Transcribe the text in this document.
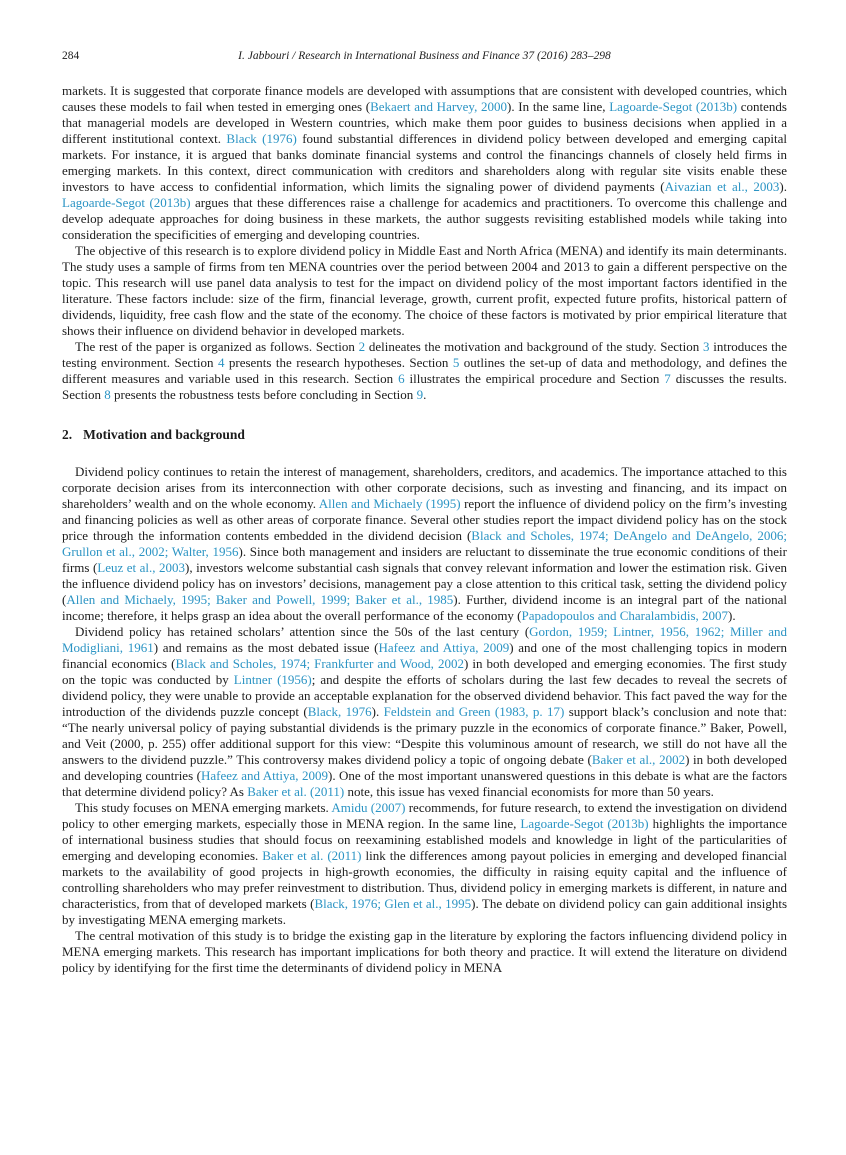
284	I. Jabbouri / Research in International Business and Finance 37 (2016) 283–298

markets. It is suggested that corporate finance models are developed with assumptions that are consistent with developed countries, which causes these models to fail when tested in emerging ones (Bekaert and Harvey, 2000). In the same line, Lagoarde-Segot (2013b) contends that managerial models are developed in Western countries, which make them poor guides to business decisions when applied in a different institutional context. Black (1976) found substantial differences in dividend policy between developed and emerging capital markets. For instance, it is argued that banks dominate financial systems and control the financings channels of closely held firms in emerging markets. In this context, direct communication with creditors and shareholders along with regular site visits enable these investors to have access to confidential information, which limits the signaling power of dividend payments (Aivazian et al., 2003). Lagoarde-Segot (2013b) argues that these differences raise a challenge for academics and practitioners. To overcome this challenge and develop adequate approaches for doing business in these markets, the author suggests revisiting established models while taking into consideration the specificities of emerging and developing countries.

The objective of this research is to explore dividend policy in Middle East and North Africa (MENA) and identify its main determinants. The study uses a sample of firms from ten MENA countries over the period between 2004 and 2013 to gain a different perspective on the topic. This research will use panel data analysis to test for the impact on dividend policy of the most important factors identified in the literature. These factors include: size of the firm, financial leverage, growth, current profit, expected future profits, historical pattern of dividends, liquidity, free cash flow and the state of the economy. The choice of these factors is motivated by prior empirical literature that shows their influence on dividend behavior in developed markets.

The rest of the paper is organized as follows. Section 2 delineates the motivation and background of the study. Section 3 introduces the testing environment. Section 4 presents the research hypotheses. Section 5 outlines the set-up of data and methodology, and defines the different measures and variable used in this research. Section 6 illustrates the empirical procedure and Section 7 discusses the results. Section 8 presents the robustness tests before concluding in Section 9.

2. Motivation and background

Dividend policy continues to retain the interest of management, shareholders, creditors, and academics. The importance attached to this corporate decision arises from its interconnection with other corporate decisions, such as investing and financing, and its impact on shareholders’ wealth and on the whole economy. Allen and Michaely (1995) report the influence of dividend policy on the firm’s investing and financing policies as well as other areas of corporate finance. Several other studies report the impact dividend policy has on the stock price through the information contents embedded in the dividend decision (Black and Scholes, 1974; DeAngelo and DeAngelo, 2006; Grullon et al., 2002; Walter, 1956). Since both management and insiders are reluctant to disseminate the true economic conditions of their firms (Leuz et al., 2003), investors welcome substantial cash signals that convey relevant information and lower the estimation risk. Given the influence dividend policy has on investors’ decisions, management pay a close attention to this critical task, setting the dividend policy (Allen and Michaely, 1995; Baker and Powell, 1999; Baker et al., 1985). Further, dividend income is an integral part of the national income; therefore, it helps grasp an idea about the overall performance of the economy (Papadopoulos and Charalambidis, 2007).

Dividend policy has retained scholars’ attention since the 50s of the last century (Gordon, 1959; Lintner, 1956, 1962; Miller and Modigliani, 1961) and remains as the most debated issue (Hafeez and Attiya, 2009) and one of the most challenging topics in modern financial economics (Black and Scholes, 1974; Frankfurter and Wood, 2002) in both developed and emerging economies. The first study on the topic was conducted by Lintner (1956); and despite the efforts of scholars during the last few decades to reveal the secrets of dividend policy, they were unable to provide an acceptable explanation for the observed dividend behavior. This fact paved the way for the introduction of the dividends puzzle concept (Black, 1976). Feldstein and Green (1983, p. 17) support black’s conclusion and note that: “The nearly universal policy of paying substantial dividends is the primary puzzle in the economics of corporate finance.” Baker, Powell, and Veit (2000, p. 255) offer additional support for this view: “Despite this voluminous amount of research, we still do not have all the answers to the dividend puzzle.” This controversy makes dividend policy a topic of ongoing debate (Baker et al., 2002) in both developed and developing countries (Hafeez and Attiya, 2009). One of the most important unanswered questions in this debate is what are the factors that determine dividend policy? As Baker et al. (2011) note, this issue has vexed financial economists for more than 50 years.

This study focuses on MENA emerging markets. Amidu (2007) recommends, for future research, to extend the investigation on dividend policy to other emerging markets, especially those in MENA region. In the same line, Lagoarde-Segot (2013b) highlights the importance of international business studies that should focus on reexamining established models and knowledge in light of the particularities of emerging and developing economies. Baker et al. (2011) link the differences among payout policies in emerging and developed financial markets to the availability of good projects in high-growth economies, the difficulty in raising equity capital and the influence of controlling shareholders who may prefer reinvestment to distribution. Thus, dividend policy in emerging markets is different, in nature and characteristics, from that of developed markets (Black, 1976; Glen et al., 1995). The debate on dividend policy can gain additional insights by investigating MENA emerging markets.

The central motivation of this study is to bridge the existing gap in the literature by exploring the factors influencing dividend policy in MENA emerging markets. This research has important implications for both theory and practice. It will extend the literature on dividend policy by identifying for the first time the determinants of dividend policy in MENA
